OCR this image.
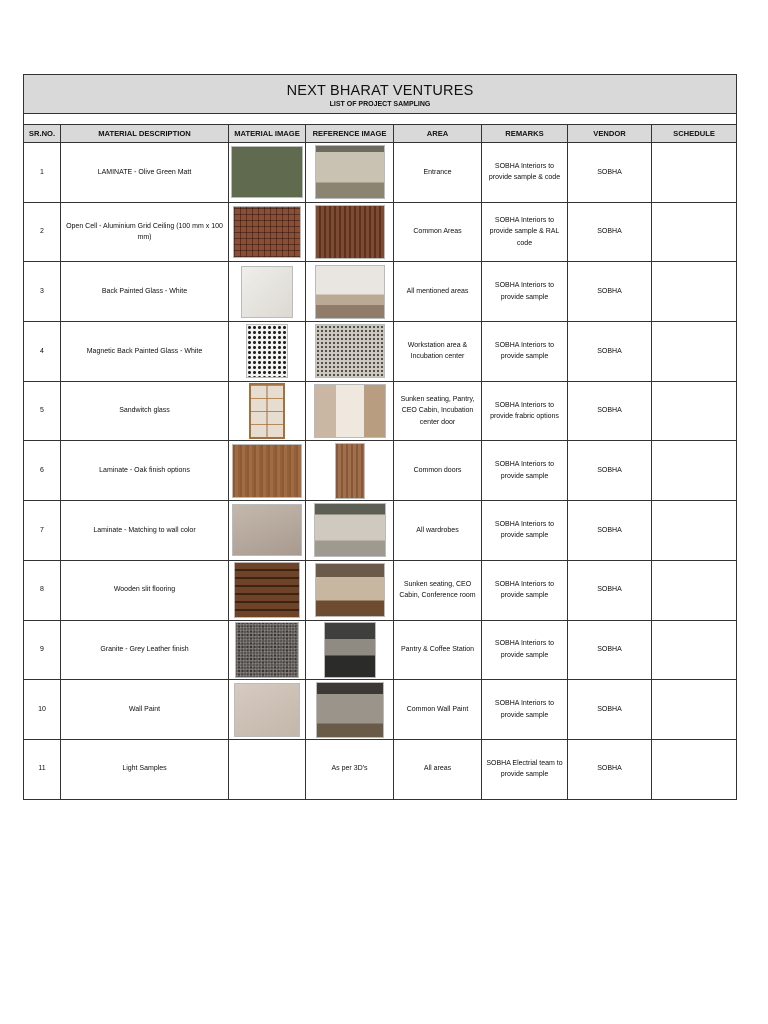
NEXT BHARAT VENTURES
LIST OF PROJECT SAMPLING							

SR.NO.	MATERIAL DESCRIPTION	MATERIAL IMAGE	REFERENCE IMAGE	AREA	REMARKS	VENDOR	SCHEDULE
1	LAMINATE - Olive Green Matt			Entrance	SOBHA Interiors to provide sample & code	SOBHA	
2	Open Cell - Aluminium Grid Ceiling (100 mm x 100 mm)			Common Areas	SOBHA Interiors to provide sample & RAL code	SOBHA	
3	Back Painted Glass - White			All mentioned areas	SOBHA Interiors to provide sample	SOBHA	
4	Magnetic Back Painted Glass - White			Workstation area & Incubation center	SOBHA Interiors to provide sample	SOBHA	
5	Sandwitch glass			Sunken seating, Pantry, CEO Cabin, Incubation center door	SOBHA Interiors to provide frabric options	SOBHA	
6	Laminate - Oak finish options			Common doors	SOBHA Interiors to provide sample	SOBHA	
7	Laminate - Matching to wall color			All wardrobes	SOBHA Interiors to provide sample	SOBHA	
8	Wooden slit flooring			Sunken seating, CEO Cabin, Conference room	SOBHA Interiors to provide sample	SOBHA	
9	Granite - Grey Leather finish			Pantry & Coffee Station	SOBHA Interiors to provide sample	SOBHA	
10	Wall Paint			Common Wall Paint	SOBHA Interiors to provide sample	SOBHA	
11	Light Samples		As per 3D's	All areas	SOBHA Electrial team to provide sample	SOBHA	
